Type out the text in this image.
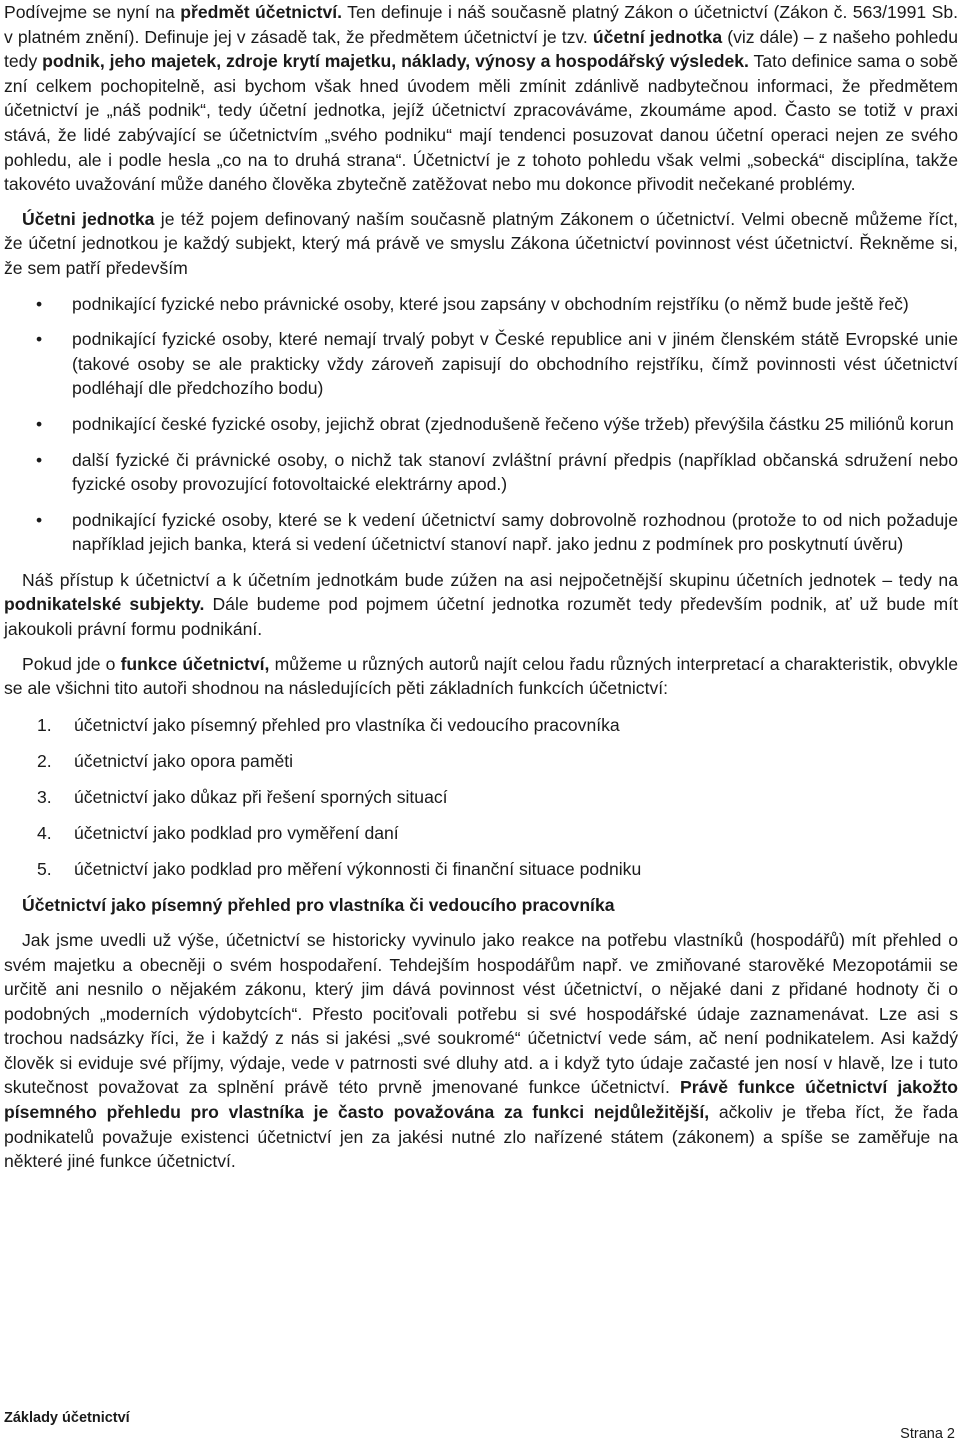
Podívejme se nyní na předmět účetnictví. Ten definuje i náš současně platný Zákon o účetnictví (Zákon č. 563/1991 Sb. v platném znění). Definuje jej v zásadě tak, že předmětem účetnictví je tzv. účetní jednotka (viz dále) – z našeho pohledu tedy podnik, jeho majetek, zdroje krytí majetku, náklady, výnosy a hospodářský výsledek. Tato definice sama o sobě zní celkem pochopitelně, asi bychom však hned úvodem měli zmínit zdánlivě nadbytečnou informaci, že předmětem účetnictví je „náš podnik“, tedy účetní jednotka, jejíž účetnictví zpracováváme, zkoumáme apod. Často se totiž v praxi stává, že lidé zabývající se účetnictvím „svého podniku“ mají tendenci posuzovat danou účetní operaci nejen ze svého pohledu, ale i podle hesla „co na to druhá strana“. Účetnictví je z tohoto pohledu však velmi „sobecká“ disciplína, takže takovéto uvažování může daného člověka zbytečně zatěžovat nebo mu dokonce přivodit nečekané problémy.

Účetni jednotka je též pojem definovaný naším současně platným Zákonem o účetnictví. Velmi obecně můžeme říct, že účetní jednotkou je každý subjekt, který má právě ve smyslu Zákona účetnictví povinnost vést účetnictví. Řekněme si, že sem patří především

• podnikající fyzické nebo právnické osoby, které jsou zapsány v obchodním rejstříku (o němž bude ještě řeč)
• podnikající fyzické osoby, které nemají trvalý pobyt v České republice ani v jiném členském státě Evropské unie (takové osoby se ale prakticky vždy zároveň zapisují do obchodního rejstříku, čímž povinnosti vést účetnictví podléhají dle předchozího bodu)
• podnikající české fyzické osoby, jejichž obrat (zjednodušeně řečeno výše tržeb) převýšila částku 25 miliónů korun
• další fyzické či právnické osoby, o nichž tak stanoví zvláštní právní předpis (například občanská sdružení nebo fyzické osoby provozující fotovoltaické elektrárny apod.)
• podnikající fyzické osoby, které se k vedení účetnictví samy dobrovolně rozhodnou (protože to od nich požaduje například jejich banka, která si vedení účetnictví stanoví např. jako jednu z podmínek pro poskytnutí úvěru)

Náš přístup k účetnictví a k účetním jednotkám bude zúžen na asi nejpočetnější skupinu účetních jednotek – tedy na podnikatelské subjekty. Dále budeme pod pojmem účetní jednotka rozumět tedy především podnik, ať už bude mít jakoukoli právní formu podnikání.

Pokud jde o funkce účetnictví, můžeme u různých autorů najít celou řadu různých interpretací a charakteristik, obvykle se ale všichni tito autoři shodnou na následujících pěti základních funkcích účetnictví:

1. účetnictví jako písemný přehled pro vlastníka či vedoucího pracovníka
2. účetnictví jako opora paměti
3. účetnictví jako důkaz při řešení sporných situací
4. účetnictví jako podklad pro vyměření daní
5. účetnictví jako podklad pro měření výkonnosti či finanční situace podniku

Účetnictví jako písemný přehled pro vlastníka či vedoucího pracovníka

Jak jsme uvedli už výše, účetnictví se historicky vyvinulo jako reakce na potřebu vlastníků (hospodářů) mít přehled o svém majetku a obecněji o svém hospodaření. Tehdejším hospodářům např. ve zmiňované starověké Mezopotámii se určitě ani nesnilo o nějakém zákonu, který jim dává povinnost vést účetnictví, o nějaké dani z přidané hodnoty či o podobných „moderních výdobytcích“. Přesto pociťovali potřebu si své hospodářské údaje zaznamenávat. Lze asi s trochou nadsázky říci, že i každý z nás si jakési „své soukromé“ účetnictví vede sám, ač není podnikatelem. Asi každý člověk si eviduje své příjmy, výdaje, vede v patrnosti své dluhy atd. a i když tyto údaje začasté jen nosí v hlavě, lze i tuto skutečnost považovat za splnění právě této prvně jmenované funkce účetnictví. Právě funkce účetnictví jakožto písemného přehledu pro vlastníka je často považována za funkci nejdůležitější, ačkoliv je třeba říct, že řada podnikatelů považuje existenci účetnictví jen za jakési nutné zlo nařízené státem (zákonem) a spíše se zaměřuje na některé jiné funkce účetnictví.

Základy účetnictví
Strana 2
